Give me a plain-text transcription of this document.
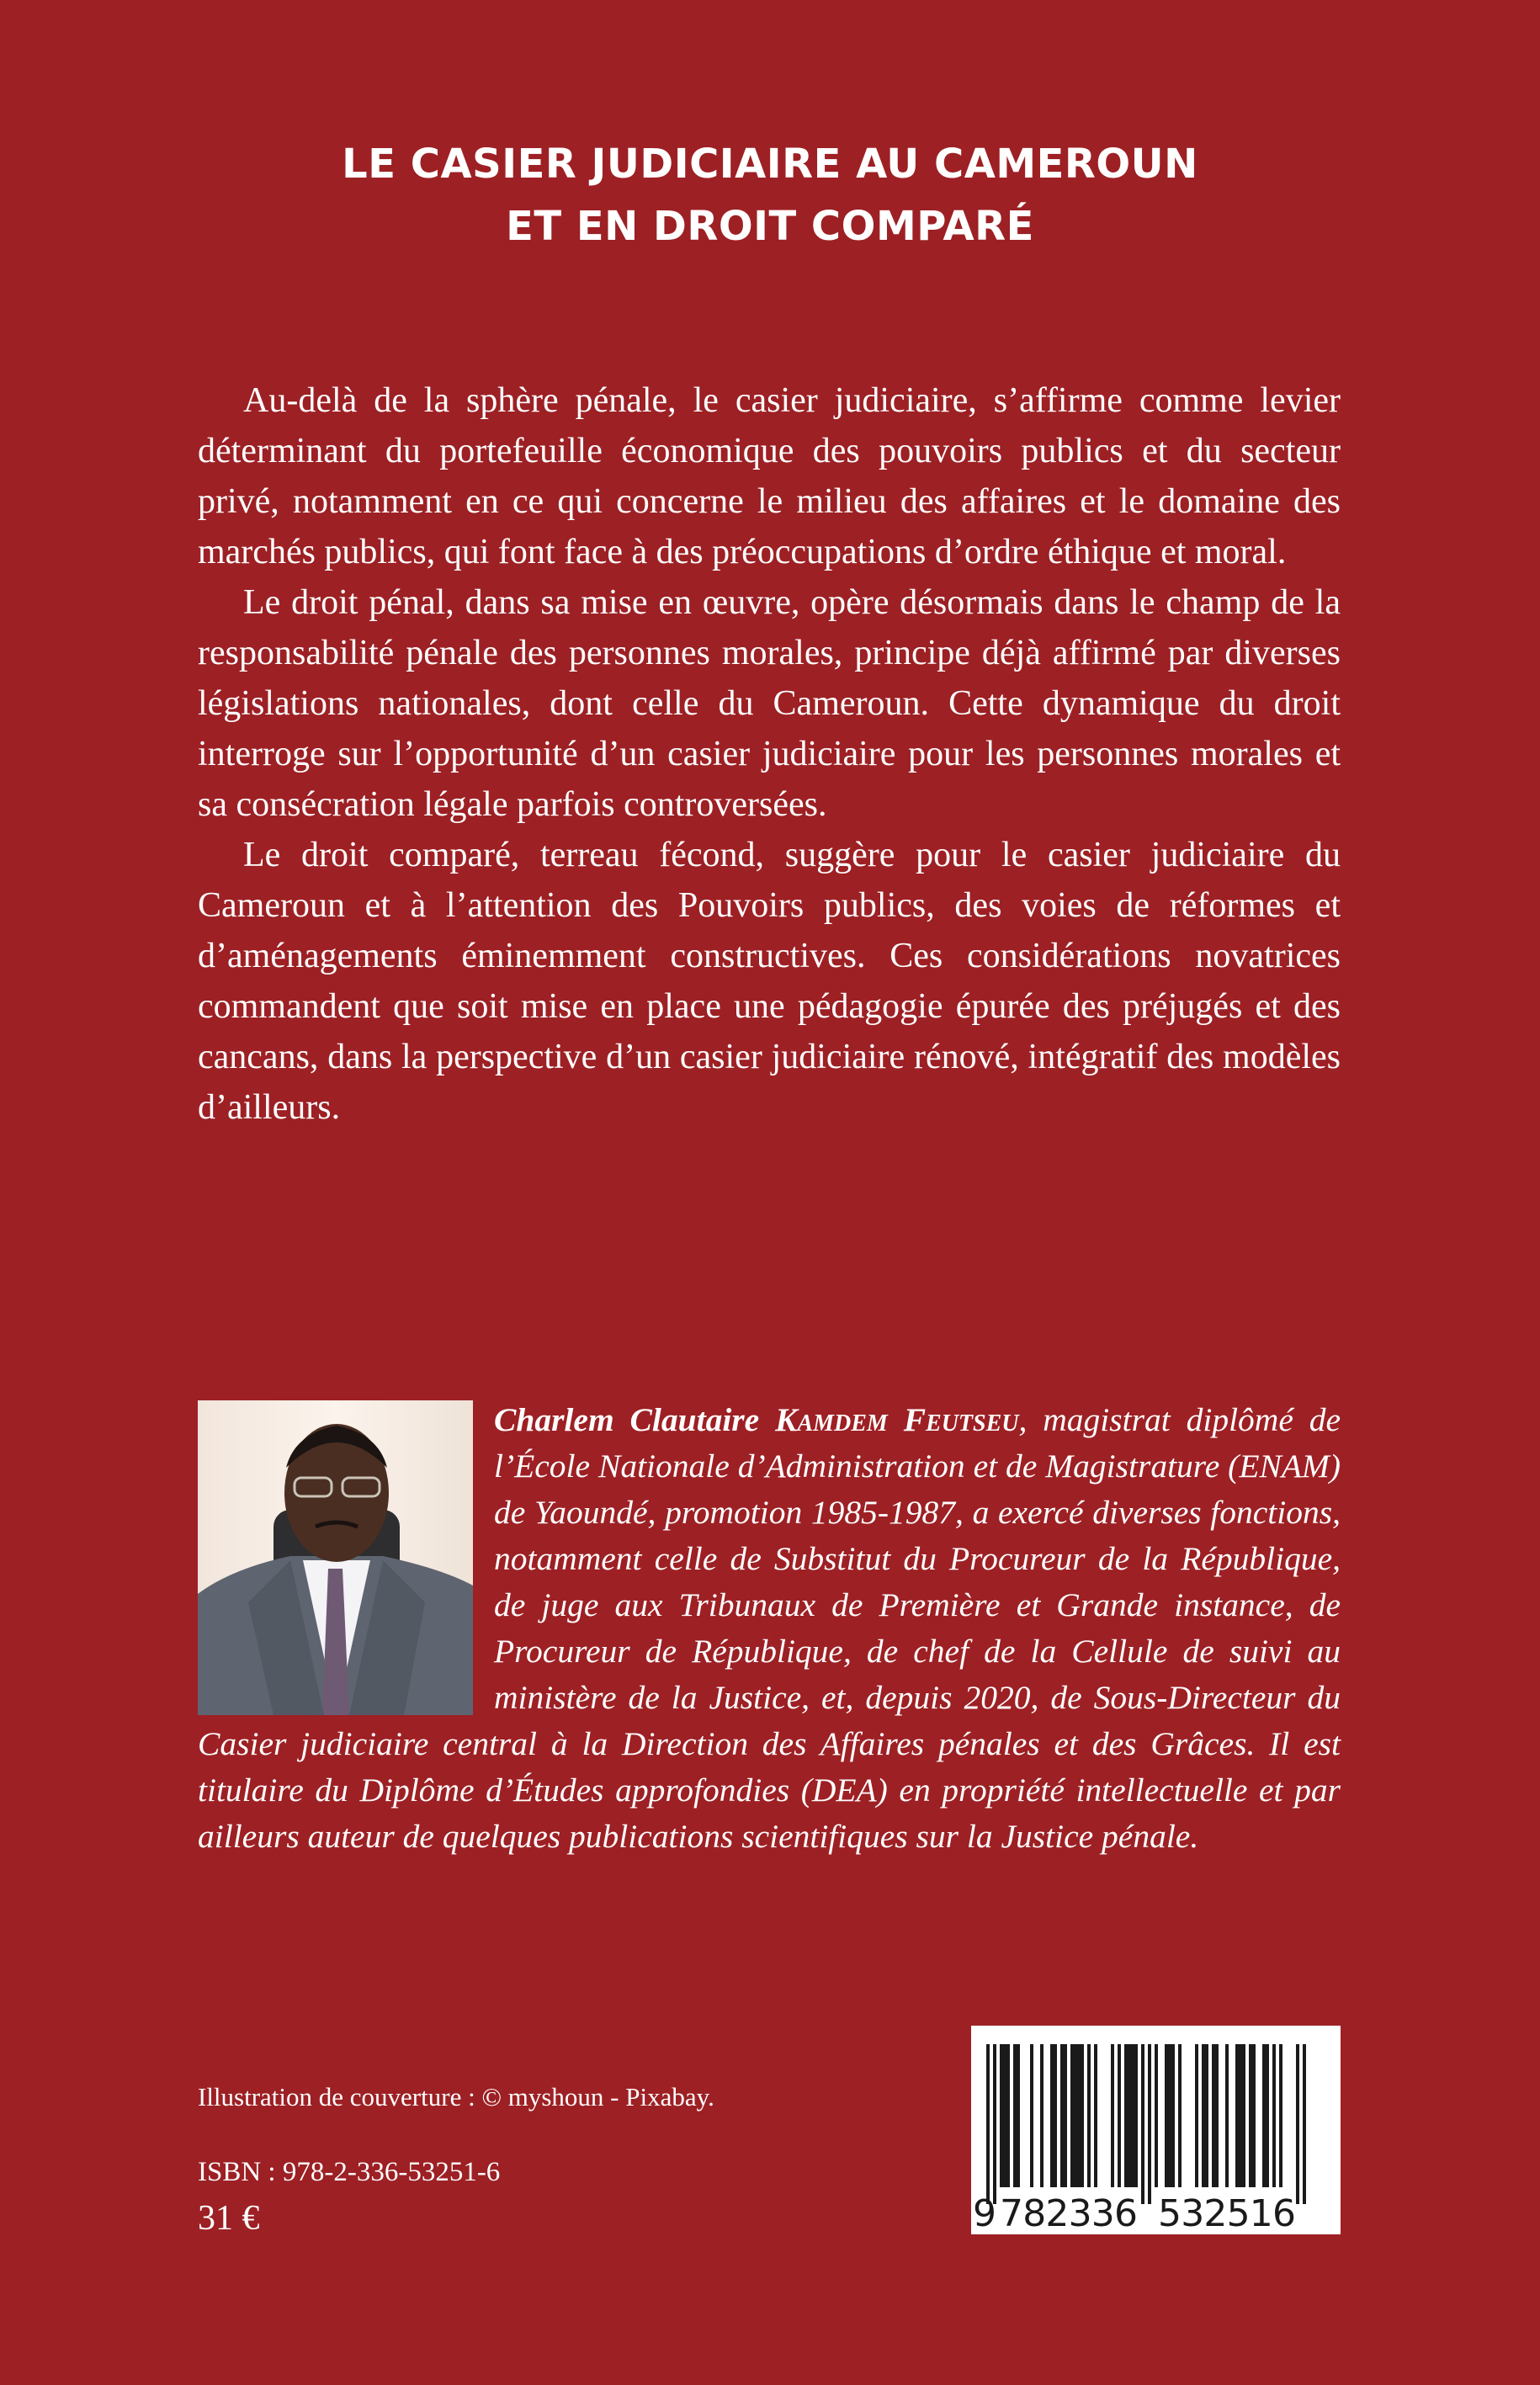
LE CASIER JUDICIAIRE AU CAMEROUN
ET EN DROIT COMPARÉ

Au-delà de la sphère pénale, le casier judiciaire, s’affirme comme levier déterminant du portefeuille économique des pouvoirs publics et du secteur privé, notamment en ce qui concerne le milieu des affaires et le domaine des marchés publics, qui font face à des préoccupations d’ordre éthique et moral.

Le droit pénal, dans sa mise en œuvre, opère désormais dans le champ de la responsabilité pénale des personnes morales, principe déjà affirmé par diverses législations nationales, dont celle du Cameroun. Cette dynamique du droit interroge sur l’opportunité d’un casier judiciaire pour les personnes morales et sa consécration légale parfois controversées.

Le droit comparé, terreau fécond, suggère pour le casier judiciaire du Cameroun et à l’attention des Pouvoirs publics, des voies de réformes et d’aménagements éminemment constructives. Ces considérations novatrices commandent que soit mise en place une pédagogie épurée des préjugés et des cancans, dans la perspective d’un casier judiciaire rénové, intégratif des modèles d’ailleurs.

Charlem Clautaire Kamdem Feutseu, magistrat diplômé de l’École Nationale d’Administration et de Magistrature (ENAM) de Yaoundé, promotion 1985-1987, a exercé diverses fonctions, notamment celle de Substitut du Procureur de la République, de juge aux Tribunaux de Première et Grande instance, de Procureur de République, de chef de la Cellule de suivi au ministère de la Justice, et, depuis 2020, de Sous-Directeur du Casier judiciaire central à la Direction des Affaires pénales et des Grâces. Il est titulaire du Diplôme d’Études approfondies (DEA) en propriété intellectuelle et par ailleurs auteur de quelques publications scientifiques sur la Justice pénale.

Illustration de couverture : © myshoun - Pixabay.
ISBN : 978-2-336-53251-6
31 €	9 782336 532516
